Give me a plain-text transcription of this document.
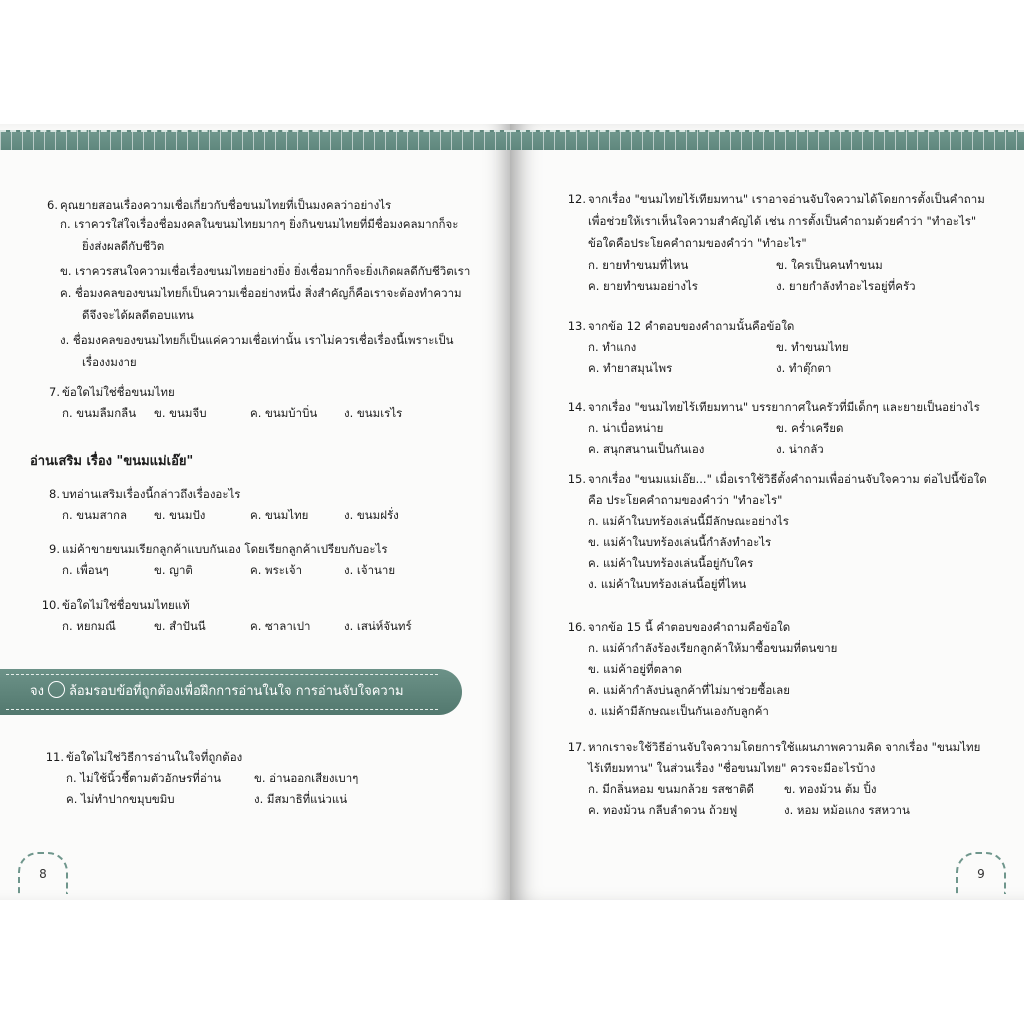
6. คุณยายสอนเรื่องความเชื่อเกี่ยวกับชื่อขนมไทยที่เป็นมงคลว่าอย่างไร
ก. เราควรใส่ใจเรื่องชื่อมงคลในขนมไทยมากๆ ยิ่งกินขนมไทยที่มีชื่อมงคลมากก็จะ
ยิ่งส่งผลดีกับชีวิต
ข. เราควรสนใจความเชื่อเรื่องขนมไทยอย่างยิ่ง ยิ่งเชื่อมากก็จะยิ่งเกิดผลดีกับชีวิตเรา
ค. ชื่อมงคลของขนมไทยก็เป็นความเชื่ออย่างหนึ่ง สิ่งสำคัญก็คือเราจะต้องทำความ
ดีจึงจะได้ผลดีตอบแทน
ง. ชื่อมงคลของขนมไทยก็เป็นแค่ความเชื่อเท่านั้น เราไม่ควรเชื่อเรื่องนี้เพราะเป็น
เรื่องงมงาย
7. ข้อใดไม่ใช่ชื่อขนมไทย
ก. ขนมลืมกลืน	ข. ขนมจีบ	ค. ขนมบ้าบิ่น	ง. ขนมเรไร
อ่านเสริม เรื่อง "ขนมแม่เอ๊ย"
8. บทอ่านเสริมเรื่องนี้กล่าวถึงเรื่องอะไร
ก. ขนมสากล	ข. ขนมปัง	ค. ขนมไทย	ง. ขนมฝรั่ง
9. แม่ค้าขายขนมเรียกลูกค้าแบบกันเอง โดยเรียกลูกค้าเปรียบกับอะไร
ก. เพื่อนๆ	ข. ญาติ	ค. พระเจ้า	ง. เจ้านาย
10. ข้อใดไม่ใช่ชื่อขนมไทยแท้
ก. หยกมณี	ข. สำปันนี	ค. ซาลาเปา	ง. เสน่ห์จันทร์
จง ล้อมรอบข้อที่ถูกต้องเพื่อฝึกการอ่านในใจ การอ่านจับใจความ
11. ข้อใดไม่ใช่วิธีการอ่านในใจที่ถูกต้อง
ก. ไม่ใช้นิ้วชี้ตามตัวอักษรที่อ่าน	ข. อ่านออกเสียงเบาๆ
ค. ไม่ทำปากขมุบขมิบ	ง. มีสมาธิที่แน่วแน่
8
12. จากเรื่อง "ขนมไทยไร้เทียมทาน" เราอาจอ่านจับใจความได้โดยการตั้งเป็นคำถาม
เพื่อช่วยให้เราเห็นใจความสำคัญได้ เช่น การตั้งเป็นคำถามด้วยคำว่า "ทำอะไร"
ข้อใดคือประโยคคำถามของคำว่า "ทำอะไร"
ก. ยายทำขนมที่ไหน	ข. ใครเป็นคนทำขนม
ค. ยายทำขนมอย่างไร	ง. ยายกำลังทำอะไรอยู่ที่ครัว
13. จากข้อ 12 คำตอบของคำถามนั้นคือข้อใด
ก. ทำแกง	ข. ทำขนมไทย
ค. ทำยาสมุนไพร	ง. ทำตุ๊กตา
14. จากเรื่อง "ขนมไทยไร้เทียมทาน" บรรยากาศในครัวที่มีเด็กๆ และยายเป็นอย่างไร
ก. น่าเบื่อหน่าย	ข. คร่ำเครียด
ค. สนุกสนานเป็นกันเอง	ง. น่ากลัว
15. จากเรื่อง "ขนมแม่เอ๊ย..." เมื่อเราใช้วิธีตั้งคำถามเพื่ออ่านจับใจความ ต่อไปนี้ข้อใด
คือ ประโยคคำถามของคำว่า "ทำอะไร"
ก. แม่ค้าในบทร้องเล่นนี้มีลักษณะอย่างไร
ข. แม่ค้าในบทร้องเล่นนี้กำลังทำอะไร
ค. แม่ค้าในบทร้องเล่นนี้อยู่กับใคร
ง. แม่ค้าในบทร้องเล่นนี้อยู่ที่ไหน
16. จากข้อ 15 นี้ คำตอบของคำถามคือข้อใด
ก. แม่ค้ากำลังร้องเรียกลูกค้าให้มาซื้อขนมที่ตนขาย
ข. แม่ค้าอยู่ที่ตลาด
ค. แม่ค้ากำลังบ่นลูกค้าที่ไม่มาช่วยซื้อเลย
ง. แม่ค้ามีลักษณะเป็นกันเองกับลูกค้า
17. หากเราจะใช้วิธีอ่านจับใจความโดยการใช้แผนภาพความคิด จากเรื่อง "ขนมไทย
ไร้เทียมทาน" ในส่วนเรื่อง "ชื่อขนมไทย" ควรจะมีอะไรบ้าง
ก. มีกลิ่นหอม ขนมกล้วย รสชาติดี	ข. ทองม้วน ต้ม ปิ้ง
ค. ทองม้วน กลีบลำดวน ถ้วยฟู	ง. หอม หม้อแกง รสหวาน
9
